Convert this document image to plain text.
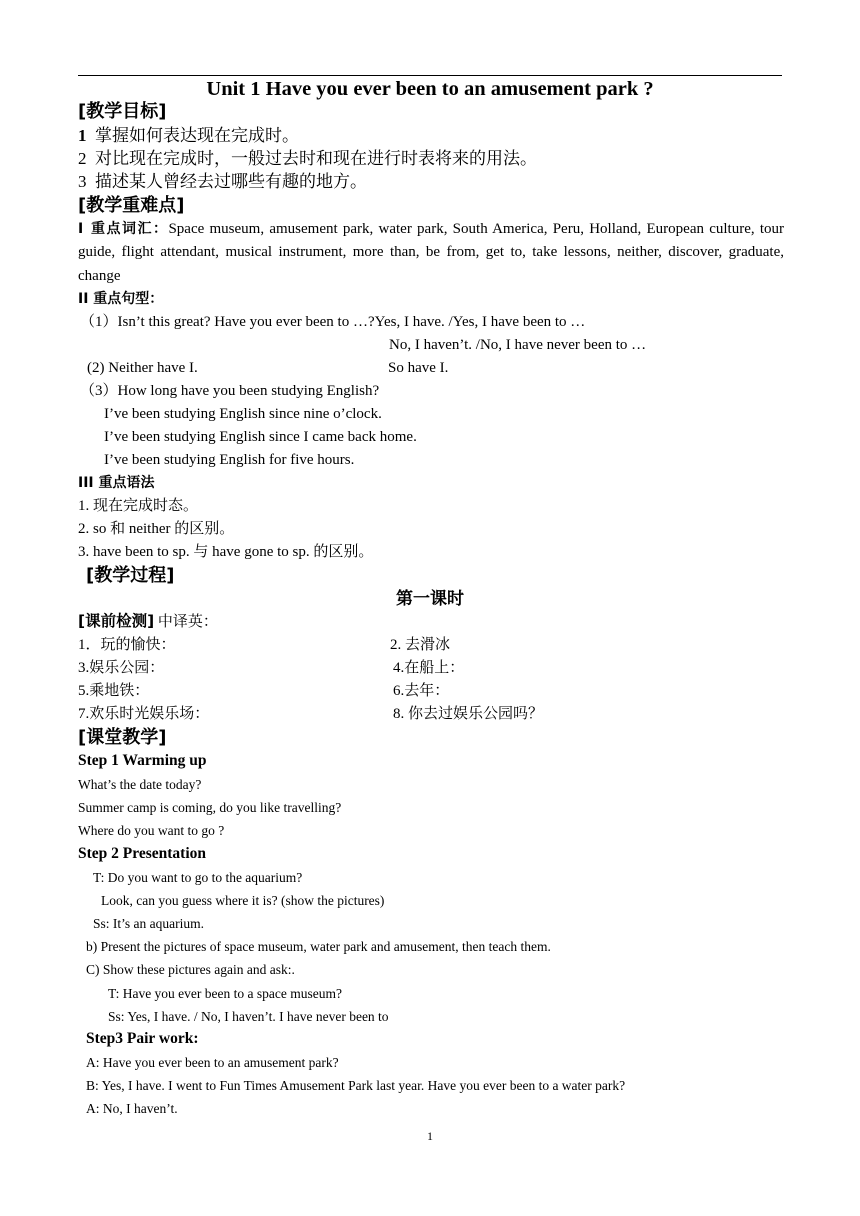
Unit 1 Have you ever been to an amusement park ?
[教学目标]
1 掌握如何表达现在完成时。
2 对比现在完成时，一般过去时和现在进行时表将来的用法。
3 描述某人曾经去过哪些有趣的地方。
[教学重难点]
Ⅰ 重点词汇：Space museum, amusement park, water park, South America, Peru, Holland, European culture, tour guide, flight attendant, musical instrument, more than, be from, get to, take lessons, neither, discover, graduate, change
ⅠⅠ 重点句型：
（1）Isn’t this great? Have you ever been to …?Yes, I have. /Yes, I have been to …
No, I haven’t. /No, I have never been to …
(2) Neither have I.	So have I.
（3）How long have you been studying English?
I’ve been studying English since nine o’clock.
I’ve been studying English since I came back home.
I’ve been studying English for five hours.
ⅠⅠⅠ 重点语法
1. 现在完成时态。
2. so 和 neither 的区别。
3. have been to sp. 与 have gone to sp. 的区别。
[教学过程]
第一课时
[课前检测] 中译英：
1．玩的愉快：	2. 去滑冰
3.娱乐公园：	4.在船上：
5.乘地铁：	6.去年：
7.欢乐时光娱乐场：	8. 你去过娱乐公园吗？
[课堂教学]
Step 1 Warming up
What’s the date today?
Summer camp is coming, do you like travelling?
Where do you want to go ?
Step 2 Presentation
T: Do you want to go to the aquarium?
Look, can you guess where it is? (show the pictures)
Ss: It’s an aquarium.
b) Present the pictures of space museum, water park and amusement, then teach them.
C) Show these pictures again and ask:.
T: Have you ever been to a space museum?
Ss: Yes, I have. / No, I haven’t. I have never been to
Step3 Pair work:
A: Have you ever been to an amusement park?
B: Yes, I have. I went to Fun Times Amusement Park last year. Have you ever been to a water park?
A: No, I haven’t.
1
